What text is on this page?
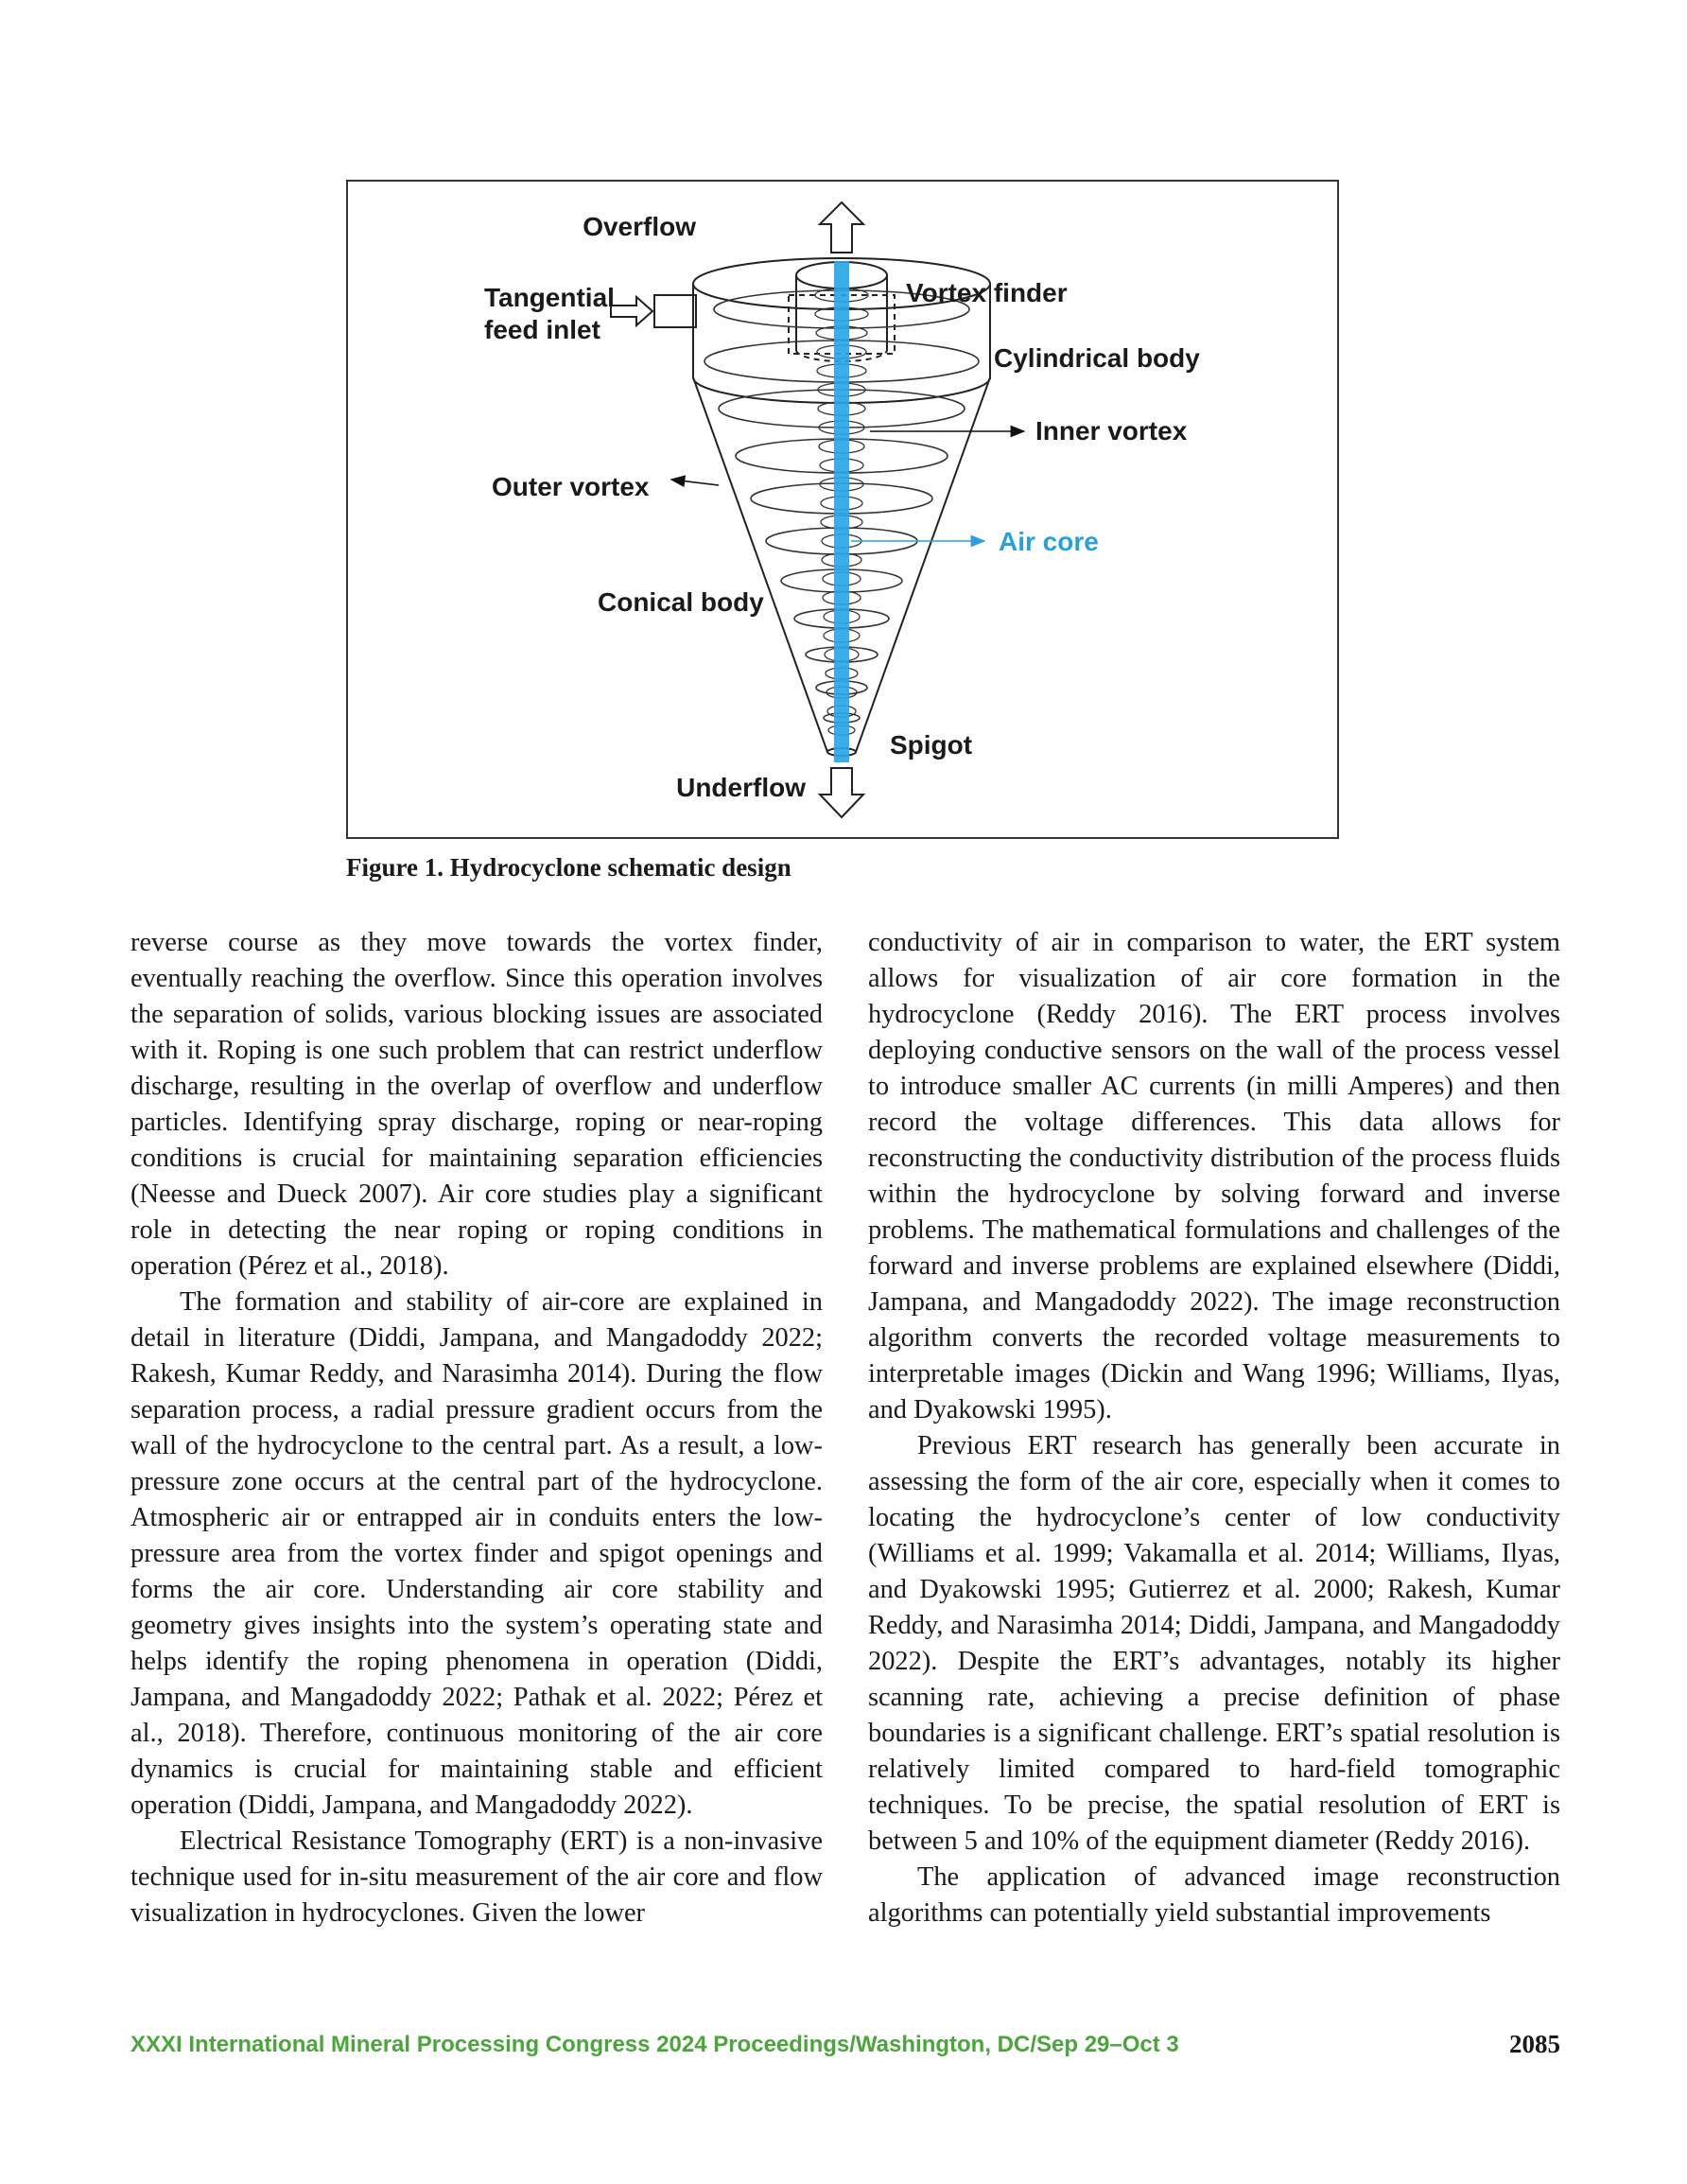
Overflow
Tangential
feed inlet
Vortex finder
Cylindrical body
Inner vortex
Outer vortex
Air core
Conical body
Spigot
Underflow
Figure 1. Hydrocyclone schematic design

reverse course as they move towards the vortex finder, eventually reaching the overflow. Since this operation involves the separation of solids, various blocking issues are associated with it. Roping is one such problem that can restrict underflow discharge, resulting in the overlap of overflow and underflow particles. Identifying spray discharge, roping or near-roping conditions is crucial for maintaining separation efficiencies (Neesse and Dueck 2007). Air core studies play a significant role in detecting the near roping or roping conditions in operation (Pérez et al., 2018).

The formation and stability of air-core are explained in detail in literature (Diddi, Jampana, and Mangadoddy 2022; Rakesh, Kumar Reddy, and Narasimha 2014). During the flow separation process, a radial pressure gradient occurs from the wall of the hydrocyclone to the central part. As a result, a low-pressure zone occurs at the central part of the hydrocyclone. Atmospheric air or entrapped air in conduits enters the low-pressure area from the vortex finder and spigot openings and forms the air core. Understanding air core stability and geometry gives insights into the system’s operating state and helps identify the roping phenomena in operation (Diddi, Jampana, and Mangadoddy 2022; Pathak et al. 2022; Pérez et al., 2018). Therefore, continuous monitoring of the air core dynamics is crucial for maintaining stable and efficient operation (Diddi, Jampana, and Mangadoddy 2022).

Electrical Resistance Tomography (ERT) is a non-invasive technique used for in-situ measurement of the air core and flow visualization in hydrocyclones. Given the lower

conductivity of air in comparison to water, the ERT system allows for visualization of air core formation in the hydrocyclone (Reddy 2016). The ERT process involves deploying conductive sensors on the wall of the process vessel to introduce smaller AC currents (in milli Amperes) and then record the voltage differences. This data allows for reconstructing the conductivity distribution of the process fluids within the hydrocyclone by solving forward and inverse problems. The mathematical formulations and challenges of the forward and inverse problems are explained elsewhere (Diddi, Jampana, and Mangadoddy 2022). The image reconstruction algorithm converts the recorded voltage measurements to interpretable images (Dickin and Wang 1996; Williams, Ilyas, and Dyakowski 1995).

Previous ERT research has generally been accurate in assessing the form of the air core, especially when it comes to locating the hydrocyclone’s center of low conductivity (Williams et al. 1999; Vakamalla et al. 2014; Williams, Ilyas, and Dyakowski 1995; Gutierrez et al. 2000; Rakesh, Kumar Reddy, and Narasimha 2014; Diddi, Jampana, and Mangadoddy 2022). Despite the ERT’s advantages, notably its higher scanning rate, achieving a precise definition of phase boundaries is a significant challenge. ERT’s spatial resolution is relatively limited compared to hard-field tomographic techniques. To be precise, the spatial resolution of ERT is between 5 and 10% of the equipment diameter (Reddy 2016).

The application of advanced image reconstruction algorithms can potentially yield substantial improvements

XXXI International Mineral Processing Congress 2024 Proceedings/Washington, DC/Sep 29–Oct 3	2085
